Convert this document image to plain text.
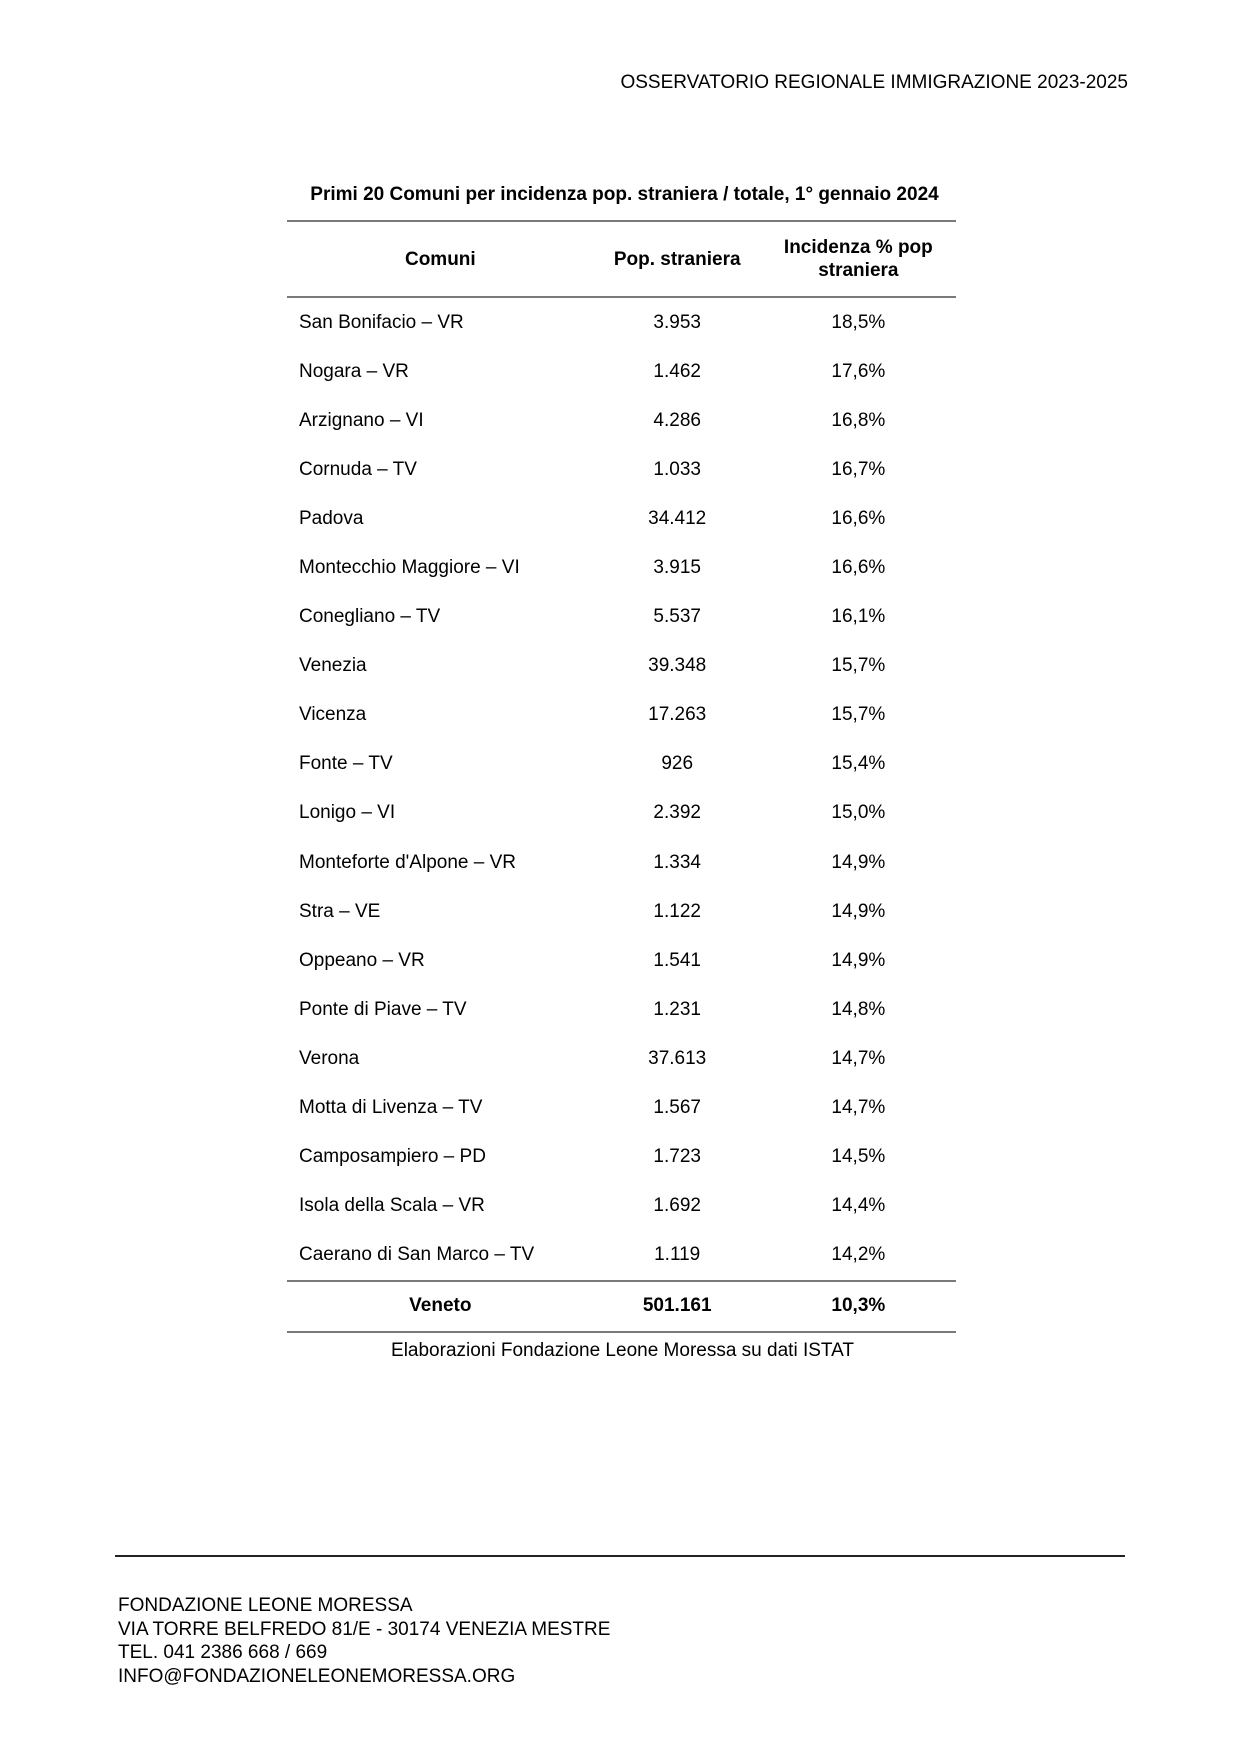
OSSERVATORIO REGIONALE IMMIGRAZIONE 2023-2025
Primi 20 Comuni per incidenza pop. straniera / totale, 1° gennaio 2024
Comuni	Pop. straniera	Incidenza % pop
straniera
San Bonifacio – VR	3.953	18,5%
Nogara – VR	1.462	17,6%
Arzignano – VI	4.286	16,8%
Cornuda – TV	1.033	16,7%
Padova	34.412	16,6%
Montecchio Maggiore – VI	3.915	16,6%
Conegliano – TV	5.537	16,1%
Venezia	39.348	15,7%
Vicenza	17.263	15,7%
Fonte – TV	926	15,4%
Lonigo – VI	2.392	15,0%
Monteforte d'Alpone – VR	1.334	14,9%
Stra – VE	1.122	14,9%
Oppeano – VR	1.541	14,9%
Ponte di Piave – TV	1.231	14,8%
Verona	37.613	14,7%
Motta di Livenza – TV	1.567	14,7%
Camposampiero – PD	1.723	14,5%
Isola della Scala – VR	1.692	14,4%
Caerano di San Marco – TV	1.119	14,2%
Veneto	501.161	10,3%
Elaborazioni Fondazione Leone Moressa su dati ISTAT
FONDAZIONE LEONE MORESSA
VIA TORRE BELFREDO 81/E - 30174 VENEZIA MESTRE
TEL. 041 2386 668 / 669
INFO@FONDAZIONELEONEMORESSA.ORG
